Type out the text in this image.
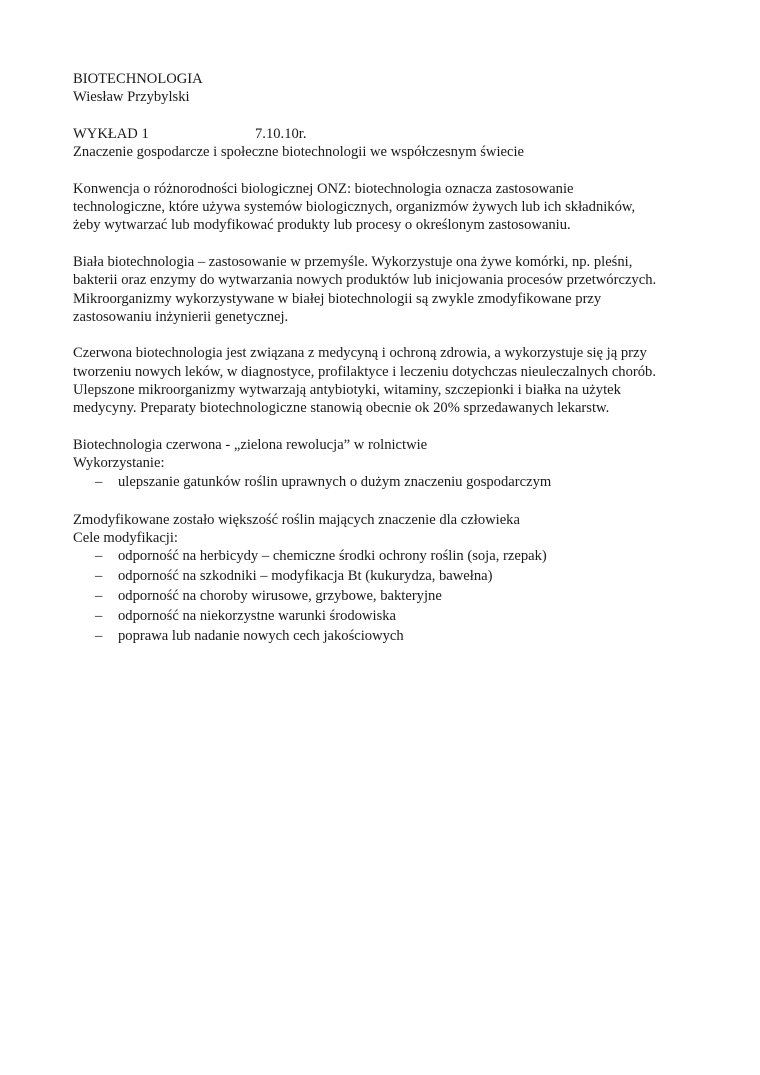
BIOTECHNOLOGIA
Wiesław Przybylski
WYKŁAD 1	7.10.10r.
Znaczenie gospodarcze i społeczne biotechnologii we współczesnym świecie
Konwencja o różnorodności biologicznej ONZ: biotechnologia oznacza zastosowanie
technologiczne, które używa systemów biologicznych, organizmów żywych lub ich składników,
żeby wytwarzać lub modyfikować produkty lub procesy o określonym zastosowaniu.
Biała biotechnologia – zastosowanie w przemyśle. Wykorzystuje ona żywe komórki, np. pleśni,
bakterii oraz enzymy do wytwarzania nowych produktów lub inicjowania procesów przetwórczych.
Mikroorganizmy wykorzystywane w białej biotechnologii są zwykle zmodyfikowane przy
zastosowaniu inżynierii genetycznej.
Czerwona biotechnologia jest związana z medycyną i ochroną zdrowia, a wykorzystuje się ją przy
tworzeniu nowych leków, w diagnostyce, profilaktyce i leczeniu dotychczas nieuleczalnych chorób.
Ulepszone mikroorganizmy wytwarzają antybiotyki, witaminy, szczepionki i białka na użytek
medycyny. Preparaty biotechnologiczne stanowią obecnie ok 20% sprzedawanych lekarstw.
Biotechnologia czerwona - „zielona rewolucja” w rolnictwie
Wykorzystanie:
– ulepszanie gatunków roślin uprawnych o dużym znaczeniu gospodarczym
Zmodyfikowane zostało większość roślin mających znaczenie dla człowieka
Cele modyfikacji:
– odporność na herbicydy – chemiczne środki ochrony roślin (soja, rzepak)
– odporność na szkodniki – modyfikacja Bt (kukurydza, bawełna)
– odporność na choroby wirusowe, grzybowe, bakteryjne
– odporność na niekorzystne warunki środowiska
– poprawa lub nadanie nowych cech jakościowych
